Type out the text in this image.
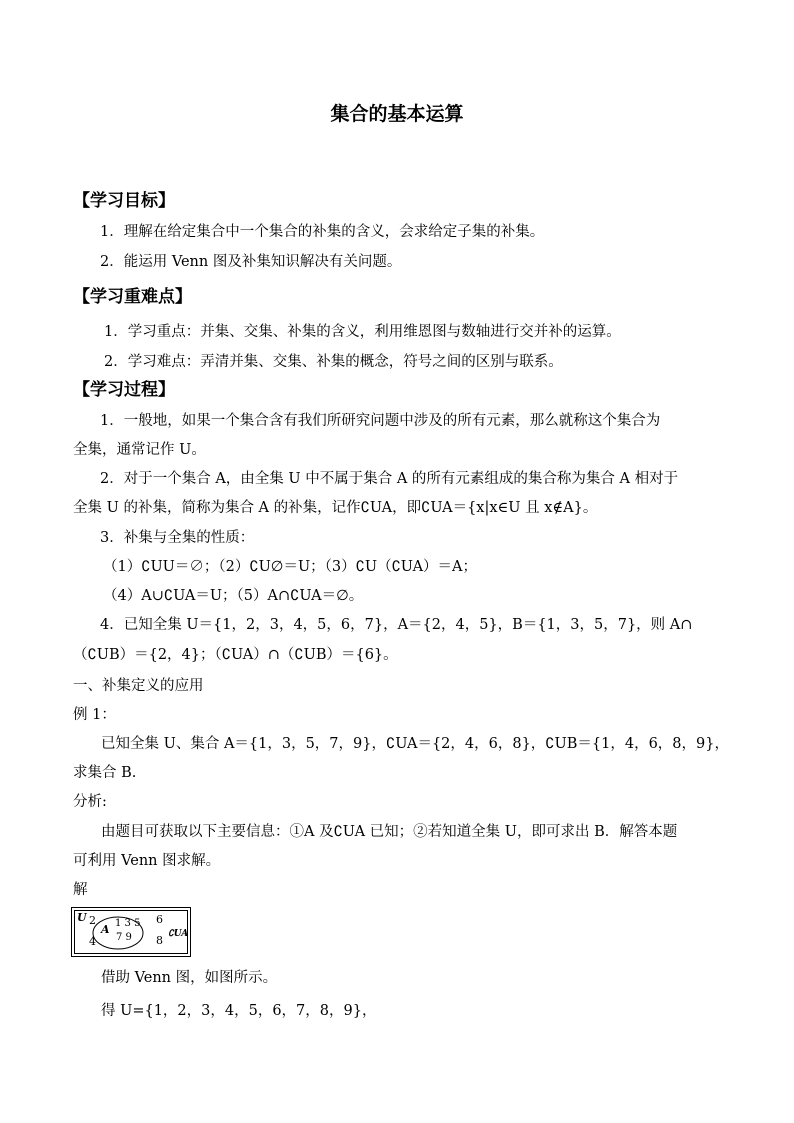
集合的基本运算
【学习目标】
1．理解在给定集合中一个集合的补集的含义，会求给定子集的补集。
2．能运用 Venn 图及补集知识解决有关问题。
【学习重难点】
1．学习重点：并集、交集、补集的含义，利用维恩图与数轴进行交并补的运算。
2．学习难点：弄清并集、交集、补集的概念，符号之间的区别与联系。
【学习过程】
1．一般地，如果一个集合含有我们所研究问题中涉及的所有元素，那么就称这个集合为
全集，通常记作 U。
2．对于一个集合 A，由全集 U 中不属于集合 A 的所有元素组成的集合称为集合 A 相对于
全集 U 的补集，简称为集合 A 的补集，记作∁UA，即∁UA＝{x|x∈U 且 x∉A}。
3．补集与全集的性质：
（1）∁UU＝∅；（2）∁U∅＝U；（3）∁U（∁UA）＝A；
（4）A∪∁UA＝U；（5）A∩∁UA＝∅。
4．已知全集 U＝{1，2，3，4，5，6，7}，A＝{2，4，5}，B＝{1，3，5，7}，则 A∩
（∁UB）＝{2，4}；（∁UA）∩（∁UB）＝{6}。
一、补集定义的应用
例 1：
已知全集 U、集合 A＝{1，3，5，7，9}，∁UA＝{2，4，6，8}，∁UB＝{1，4，6，8，9}，
求集合 B.
分析:
由题目可获取以下主要信息：①A 及∁UA 已知；②若知道全集 U，即可求出 B．解答本题
可利用 Venn 图求解。
解
U 2
4
A 1 3 5
7 9
6
8 ∁UA
借助 Venn 图，如图所示。
得 U={1，2，3，4，5，6，7，8，9}，
